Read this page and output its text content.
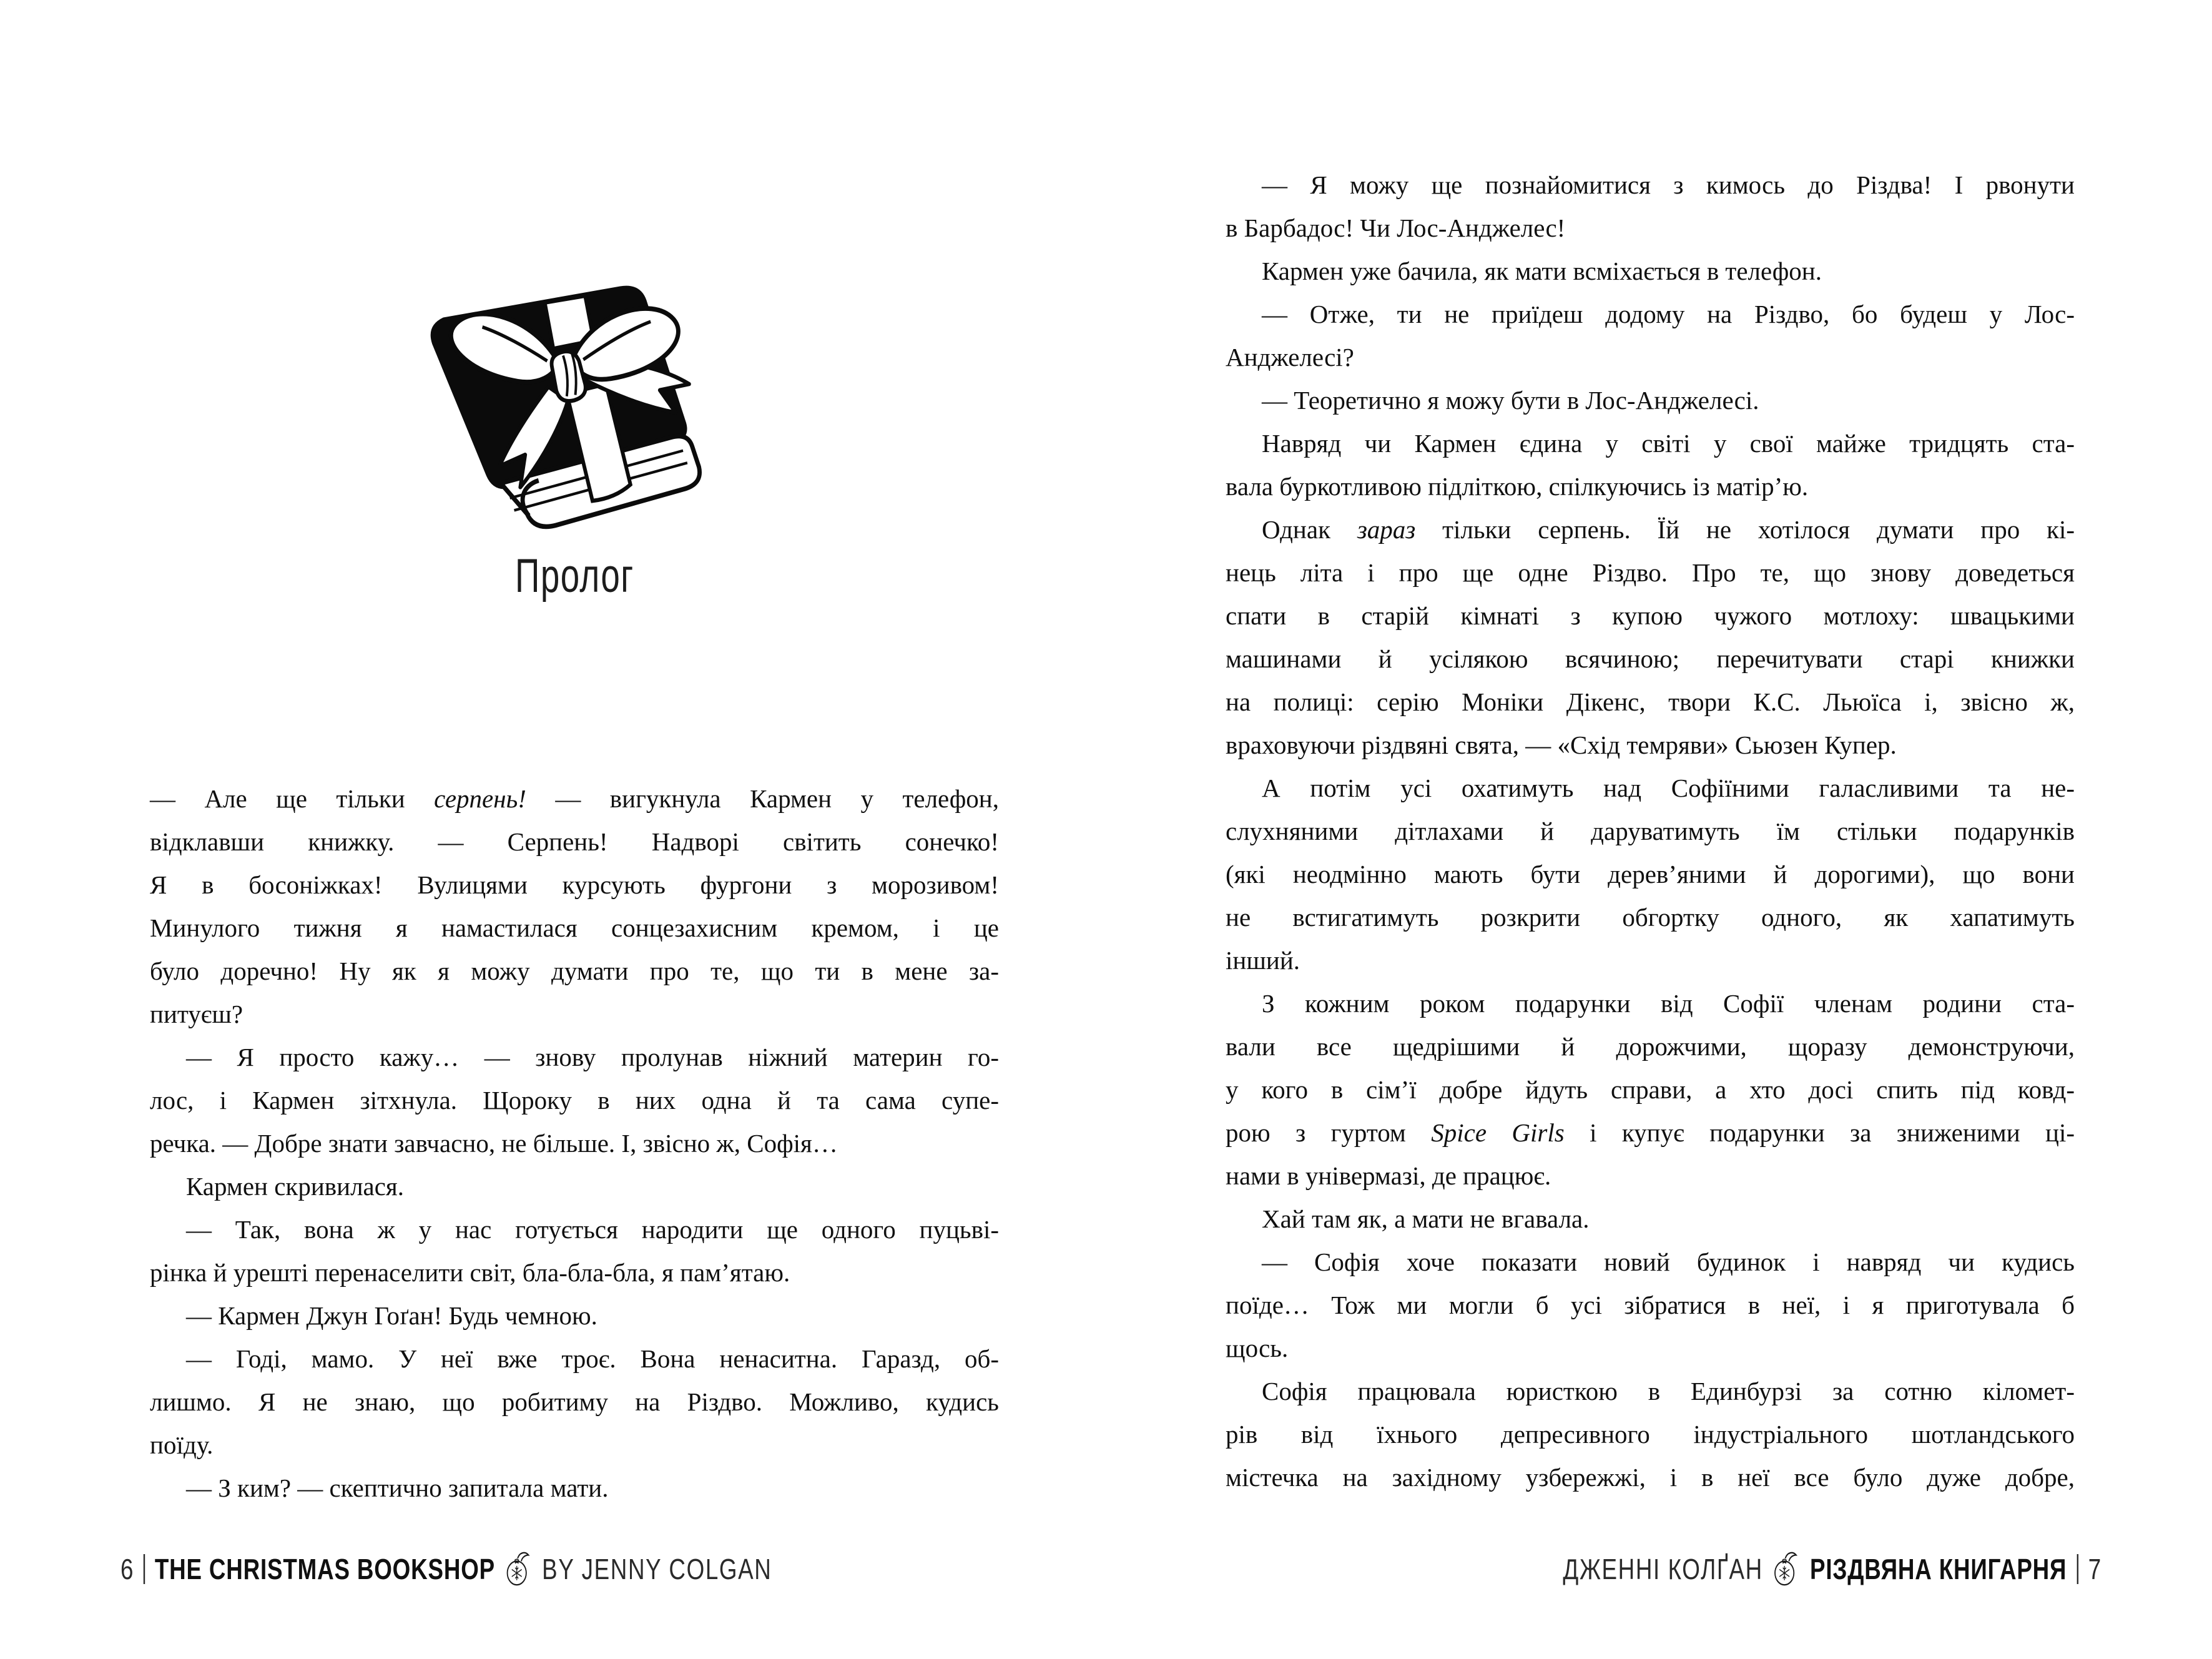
Пролог
— Але ще тільки серпень! — вигукнула Кармен у телефон,
відклавши книжку. — Серпень! Надворі світить сонечко!
Я в босоніжках! Вулицями курсують фургони з морозивом!
Минулого тижня я намастилася сонцезахисним кремом, і це
було доречно! Ну як я можу думати про те, що ти в мене за-
питуєш?
— Я просто кажу… — знову пролунав ніжний материн го-
лос, і Кармен зітхнула. Щороку в них одна й та сама супе-
речка. — Добре знати завчасно, не більше. І, звісно ж, Софія…
Кармен скривилася.
— Так, вона ж у нас готується народити ще одного пуцьві-
рінка й урешті перенаселити світ, бла-бла-бла, я пам’ятаю.
— Кармен Джун Гоґан! Будь чемною.
— Годі, мамо. У неї вже троє. Вона ненаситна. Гаразд, об-
лишмо. Я не знаю, що робитиму на Різдво. Можливо, кудись
поїду.
— З ким? — скептично запитала мати.
6 THE CHRISTMAS BOOKSHOP BY JENNY COLGAN
— Я можу ще познайомитися з кимось до Різдва! І рвонути
в Барбадос! Чи Лос-Анджелес!
Кармен уже бачила, як мати всміхається в телефон.
— Отже, ти не приїдеш додому на Різдво, бо будеш у Лос-
Анджелесі?
— Теоретично я можу бути в Лос-Анджелесі.
Навряд чи Кармен єдина у світі у свої майже тридцять ста-
вала буркотливою підліткою, спілкуючись із матір’ю.
Однак зараз тільки серпень. Їй не хотілося думати про кі-
нець літа і про ще одне Різдво. Про те, що знову доведеться
спати в старій кімнаті з купою чужого мотлоху: швацькими
машинами й усілякою всячиною; перечитувати старі книжки
на полиці: серію Моніки Дікенс, твори К.С. Льюїса і, звісно ж,
враховуючи різдвяні свята, — «Схід темряви» Сьюзен Купер.
А потім усі охатимуть над Софіїними галасливими та не-
слухняними дітлахами й даруватимуть їм стільки подарунків
(які неодмінно мають бути дерев’яними й дорогими), що вони
не встигатимуть розкрити обгортку одного, як хапатимуть
інший.
З кожним роком подарунки від Софії членам родини ста-
вали все щедрішими й дорожчими, щоразу демонструючи,
у кого в сім’ї добре йдуть справи, а хто досі спить під ковд-
рою з гуртом Spice Girls і купує подарунки за зниженими ці-
нами в універмазі, де працює.
Хай там як, а мати не вгавала.
— Софія хоче показати новий будинок і навряд чи кудись
поїде… Тож ми могли б усі зібратися в неї, і я приготувала б
щось.
Софія працювала юристкою в Единбурзі за сотню кіломет-
рів від їхнього депресивного індустріального шотландського
містечка на західному узбережжі, і в неї все було дуже добре,
ДЖЕННІ КОЛҐАН РІЗДВЯНА КНИГАРНЯ 7
